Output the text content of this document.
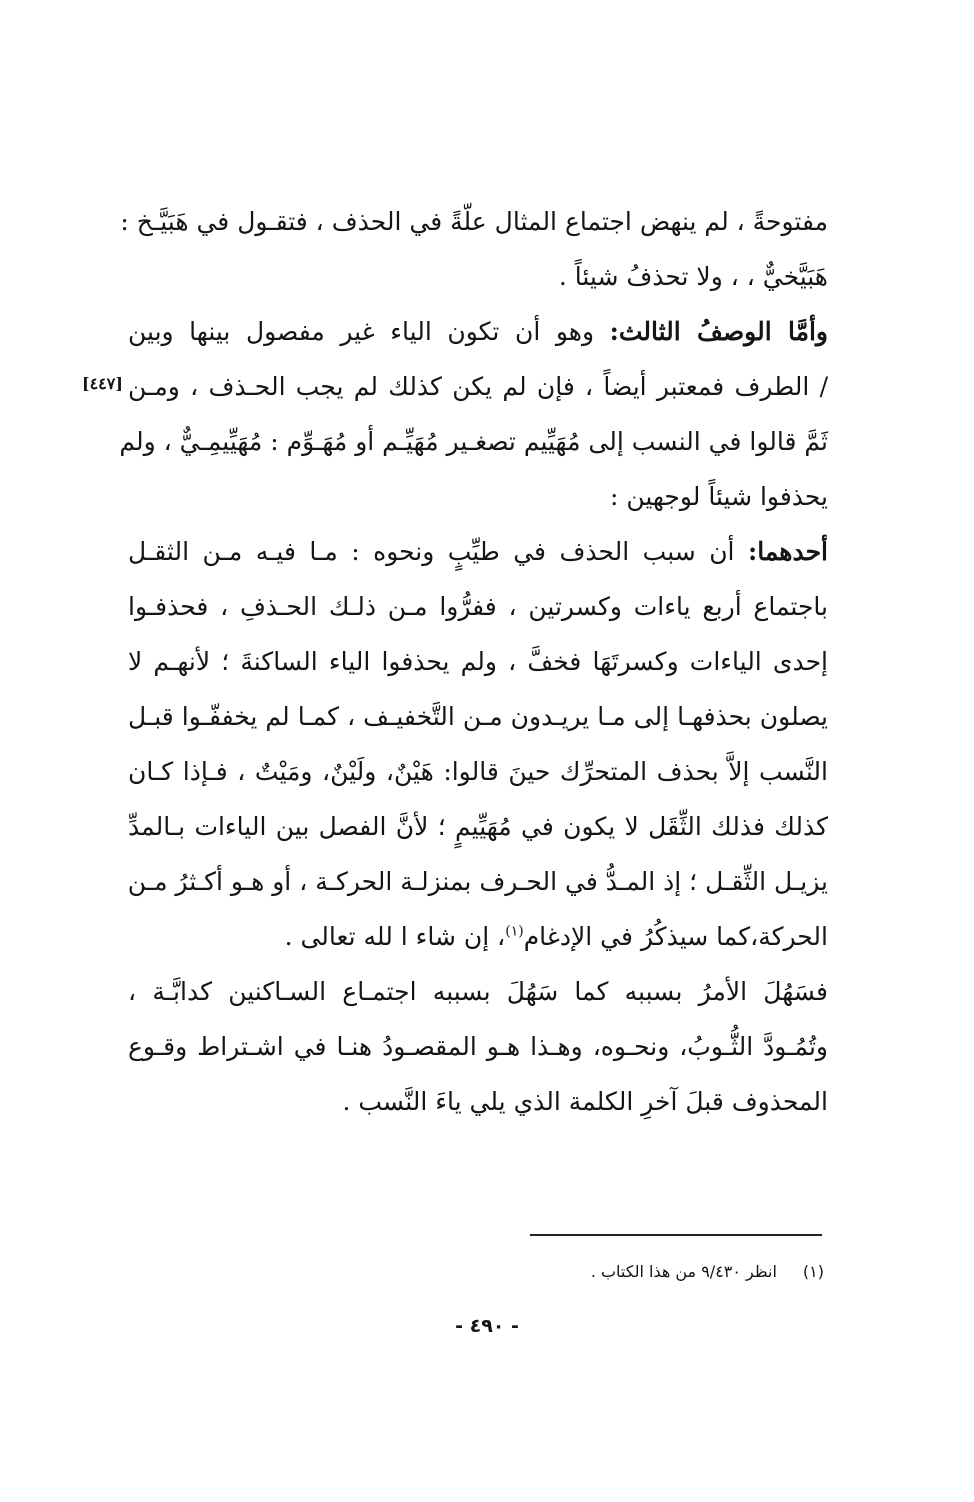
مفتوحةً ، لم ينهض اجتماع المثال علّةً في الحذف ، فتقـول في هَبَيَّـخ :
هَبَيَّخيٌّ ، ، ولا تحذفُ شيئاً .
وأمَّا الوصفُ الثالث: وهو أن تكون الياء غير مفصول بينها وبين
/ الطرف فمعتبر أيضاً ، فإن لم يكن كذلك لم يجب الحـذف ، ومـن
ثَمَّ قالوا في النسب إلى مُهَيِّيم تصغـير مُهَيِّـم أو مُهَـوِّم : مُهَيِّيمِـيٌّ ، ولم
يحذفوا شيئاً لوجهين :
أحدهما: أن سبب الحذف في طيِّبٍ ونحوه : مـا فيـه مـن الثقـل
باجتماع أربع ياءات وكسرتين ، ففرُّوا مـن ذلـك الحـذفِ ، فحذفـوا
إحدى الياءات وكسرتَهَا فخفَّ ، ولم يحذفوا الياء الساكنةَ ؛ لأنهـم لا
يصلون بحذفهـا إلى مـا يريـدون مـن التَّخفيـف ، كمـا لم يخففّـوا قبـل
النَّسب إلاَّ بحذف المتحرِّك حينَ قالوا: هَيْنٌ، ولَيْنٌ، ومَيْتٌ ، فـإذا كـان
كذلك فذلك الثِّقَل لا يكون في مُهَيِّيمٍ ؛ لأنَّ الفصل بين الياءات بـالمدِّ
يزيـل الثِّقـل ؛ إذ المـدُّ في الحـرف بمنزلـة الحركـة ، أو هـو أكـثرُ مـن
الحركة،كما سيذكُرُ في الإدغام$^{(١)}$، إن شاء ا لله تعالى .
فسَهُلَ الأمرُ بسببه كما سَهُلَ بسببه اجتمـاع السـاكنين كدابَّـة ،
وتُمُـودَّ الثُّـوبُ، ونحـوه، وهـذا هـو المقصـودُ هنـا في اشـتراط وقـوع
المحذوف قبلَ آخرِ الكلمة الذي يلي ياءَ النَّسب .
[٤٤٧]
(١)انظر ٩/٤٣٠ من هذا الكتاب .
- ٤٩٠ -
